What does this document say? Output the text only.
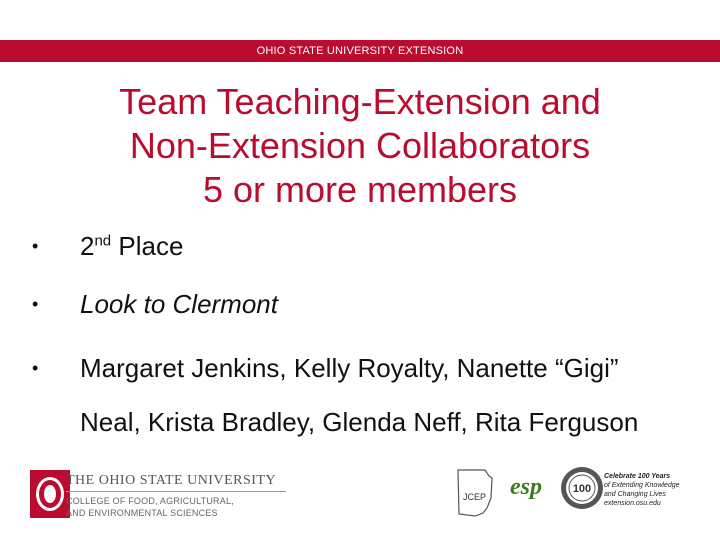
OHIO STATE UNIVERSITY EXTENSION
Team Teaching-Extension and
Non-Extension Collaborators
5 or more members
•	2nd Place
•	Look to Clermont
•	Margaret Jenkins, Kelly Royalty, Nanette “Gigi”
Neal, Krista Bradley, Glenda Neff, Rita Ferguson
THE OHIO STATE UNIVERSITY
COLLEGE OF FOOD, AGRICULTURAL,
AND ENVIRONMENTAL SCIENCES
JCEP esp	100
Celebrate 100 Years
of Extending Knowledge
and Changing Lives
extension.osu.edu
